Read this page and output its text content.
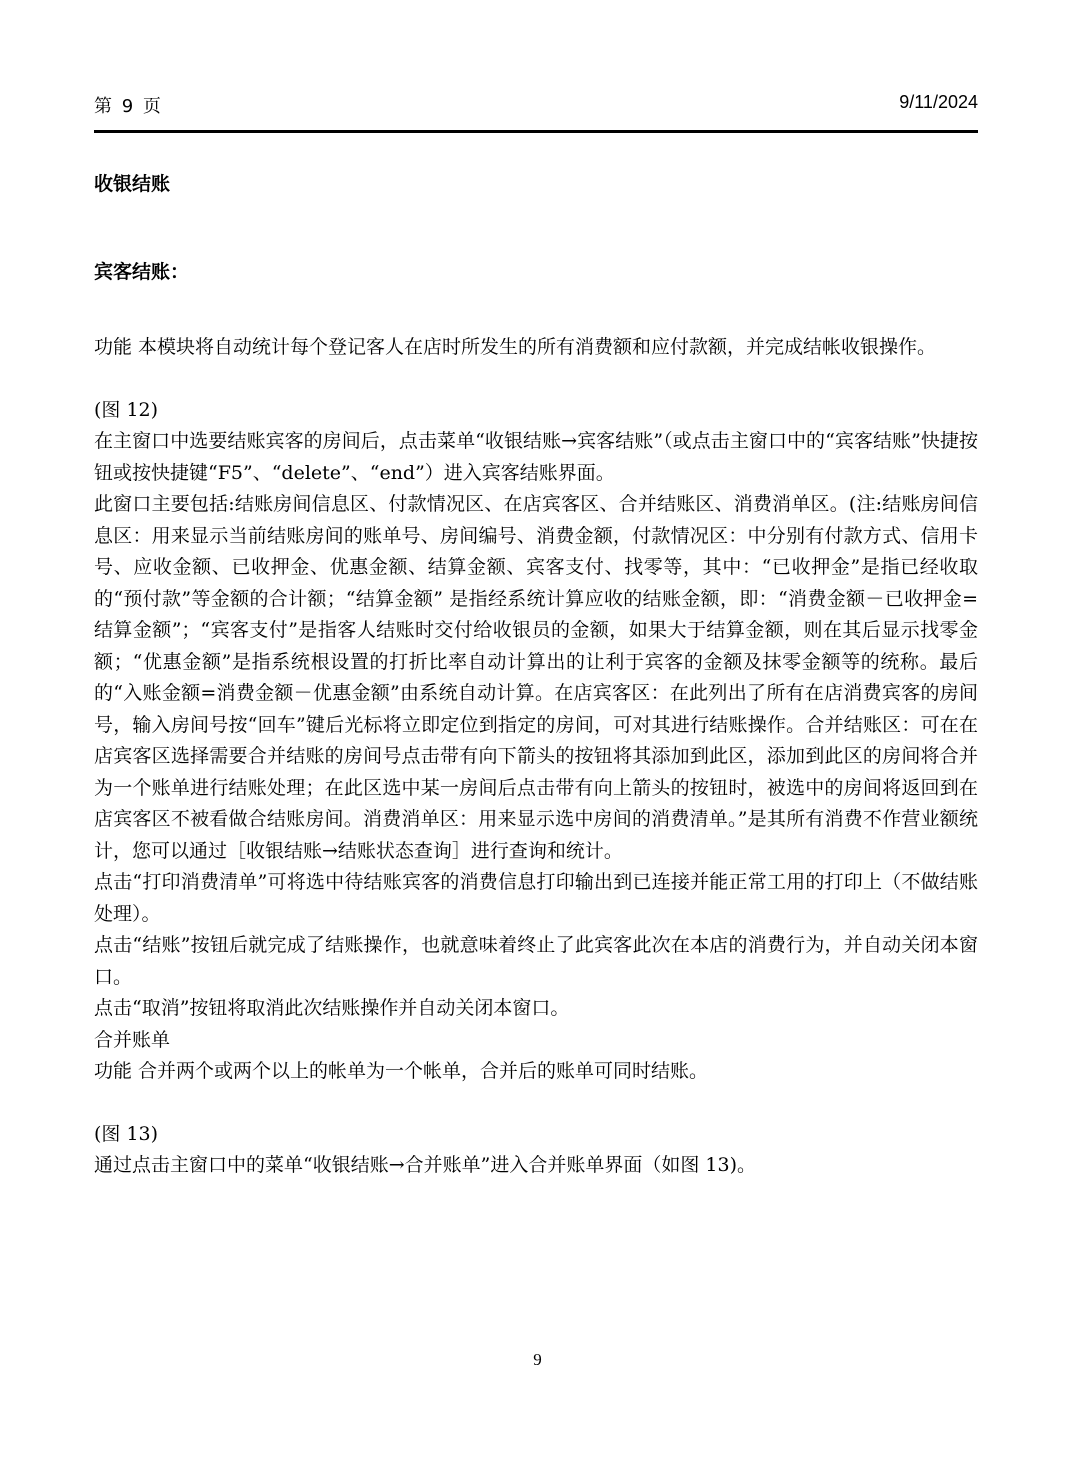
第 9 页	9/11/2024
收银结账
宾客结账：

功能 本模块将自动统计每个登记客人在店时所发生的所有消费额和应付款额，并完成结帐收银操作。

(图 12)

在主窗口中选要结账宾客的房间后，点击菜单“收银结账→宾客结账”（或点击主窗口中的“宾客结账”快捷按钮或按快捷键“F5”、“delete”、“end”）进入宾客结账界面。

此窗口主要包括:结账房间信息区、付款情况区、在店宾客区、合并结账区、消费消单区。(注:结账房间信息区：用来显示当前结账房间的账单号、房间编号、消费金额，付款情况区：中分别有付款方式、信用卡号、应收金额、已收押金、优惠金额、结算金额、宾客支付、找零等，其中：“已收押金”是指已经收取的“预付款”等金额的合计额；“结算金额” 是指经系统计算应收的结账金额，即：“消费金额－已收押金=结算金额”；“宾客支付”是指客人结账时交付给收银员的金额，如果大于结算金额，则在其后显示找零金额；“优惠金额”是指系统根设置的打折比率自动计算出的让利于宾客的金额及抹零金额等的统称。最后的“入账金额=消费金额－优惠金额”由系统自动计算。在店宾客区：在此列出了所有在店消费宾客的房间号，输入房间号按“回车”键后光标将立即定位到指定的房间，可对其进行结账操作。合并结账区：可在在店宾客区选择需要合并结账的房间号点击带有向下箭头的按钮将其添加到此区，添加到此区的房间将合并为一个账单进行结账处理；在此区选中某一房间后点击带有向上箭头的按钮时，被选中的房间将返回到在店宾客区不被看做合结账房间。消费消单区：用来显示选中房间的消费清单。”是其所有消费不作营业额统计，您可以通过［收银结账→结账状态查询］进行查询和统计。

点击“打印消费清单”可将选中待结账宾客的消费信息打印输出到已连接并能正常工用的打印上（不做结账处理）。

点击“结账”按钮后就完成了结账操作，也就意味着终止了此宾客此次在本店的消费行为，并自动关闭本窗口。

点击“取消”按钮将取消此次结账操作并自动关闭本窗口。

合并账单

功能 合并两个或两个以上的帐单为一个帐单，合并后的账单可同时结账。

(图 13)

通过点击主窗口中的菜单“收银结账→合并账单”进入合并账单界面（如图 13)。

9
